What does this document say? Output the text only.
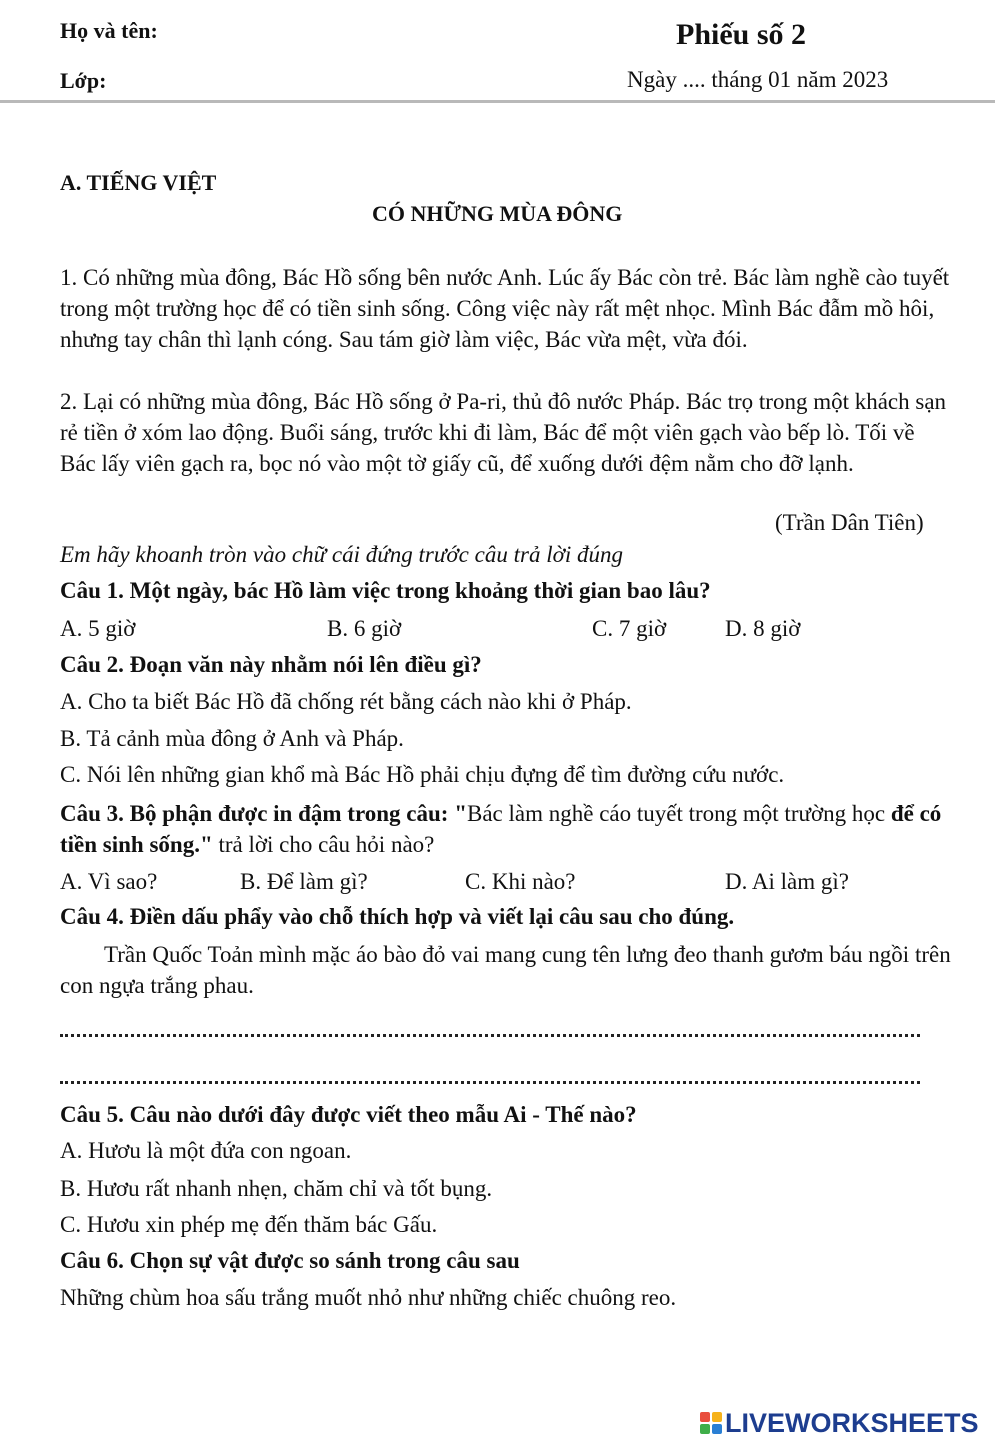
Họ và tên:	Phiếu số 2
Lớp:	Ngày .... tháng 01 năm 2023
A. TIẾNG VIỆT
CÓ NHỮNG MÙA ĐÔNG
1. Có những mùa đông, Bác Hồ sống bên nước Anh. Lúc ấy Bác còn trẻ. Bác làm nghề cào tuyết trong một trường học để có tiền sinh sống. Công việc này rất mệt nhọc. Mình Bác đẫm mồ hôi, nhưng tay chân thì lạnh cóng. Sau tám giờ làm việc, Bác vừa mệt, vừa đói.
2. Lại có những mùa đông, Bác Hồ sống ở Pa-ri, thủ đô nước Pháp. Bác trọ trong một khách sạn rẻ tiền ở xóm lao động. Buổi sáng, trước khi đi làm, Bác để một viên gạch vào bếp lò. Tối về Bác lấy viên gạch ra, bọc nó vào một tờ giấy cũ, để xuống dưới đệm nằm cho đỡ lạnh.
(Trần Dân Tiên)
Em hãy khoanh tròn vào chữ cái đứng trước câu trả lời đúng
Câu 1. Một ngày, bác Hồ làm việc trong khoảng thời gian bao lâu?
A. 5 giờ	B. 6 giờ	C. 7 giờ	D. 8 giờ
Câu 2. Đoạn văn này nhằm nói lên điều gì?
A. Cho ta biết Bác Hồ đã chống rét bằng cách nào khi ở Pháp.
B. Tả cảnh mùa đông ở Anh và Pháp.
C. Nói lên những gian khổ mà Bác Hồ phải chịu đựng để tìm đường cứu nước.
Câu 3. Bộ phận được in đậm trong câu: "Bác làm nghề cáo tuyết trong một trường học để có tiền sinh sống." trả lời cho câu hỏi nào?
A. Vì sao?	B. Để làm gì?	C. Khi nào?	D. Ai làm gì?
Câu 4. Điền dấu phẩy vào chỗ thích hợp và viết lại câu sau cho đúng.
Trần Quốc Toản mình mặc áo bào đỏ vai mang cung tên lưng đeo thanh gươm báu ngồi trên con ngựa trắng phau.
Câu 5. Câu nào dưới đây được viết theo mẫu Ai - Thế nào?
A. Hươu là một đứa con ngoan.
B. Hươu rất nhanh nhẹn, chăm chỉ và tốt bụng.
C. Hươu xin phép mẹ đến thăm bác Gấu.
Câu 6. Chọn sự vật được so sánh trong câu sau
Những chùm hoa sấu trắng muốt nhỏ như những chiếc chuông reo.
LIVEWORKSHEETS
